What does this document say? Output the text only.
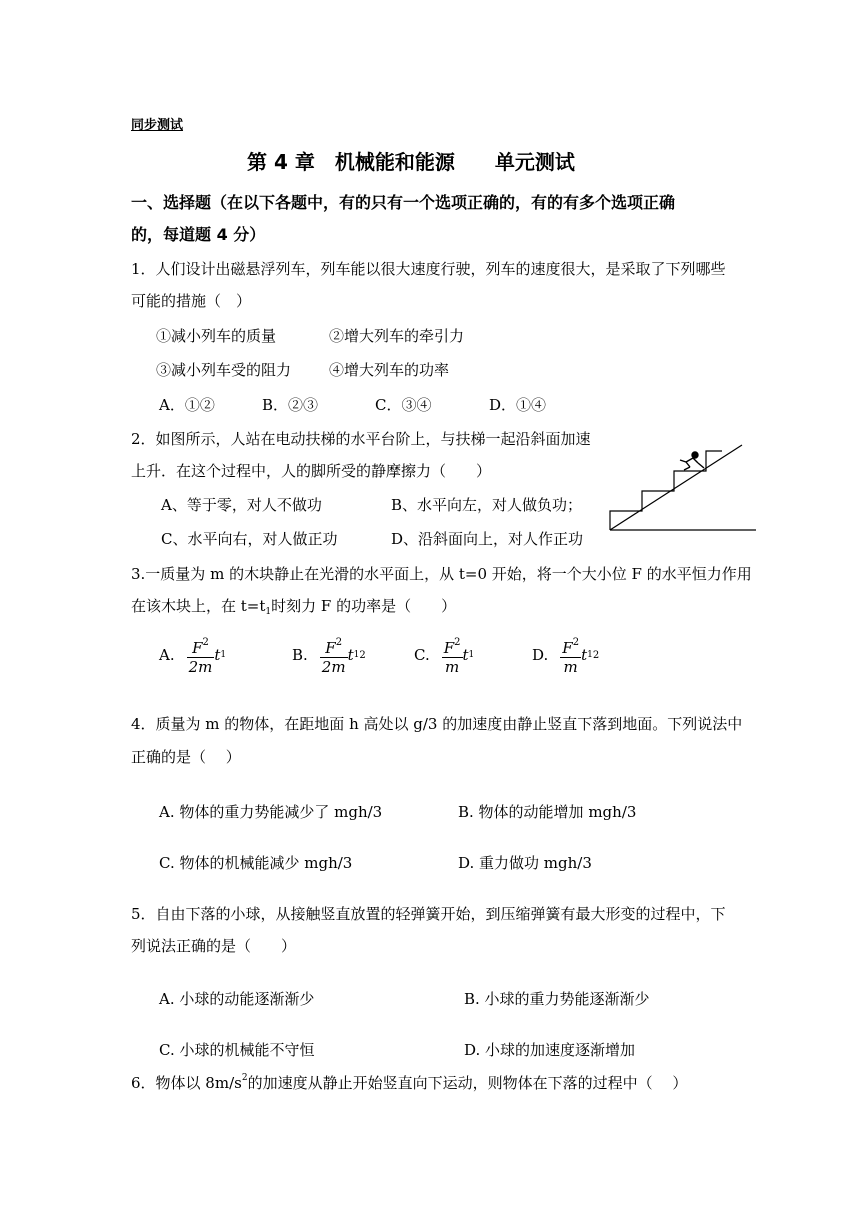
同步测试
第 4 章　机械能和能源　　单元测试
一、选择题（在以下各题中，有的只有一个选项正确的，有的有多个选项正确
的，每道题 4 分）
1．人们设计出磁悬浮列车，列车能以很大速度行驶，列车的速度很大，是采取了下列哪些
可能的措施（　）
①减小列车的质量	②增大列车的牵引力
③减小列车受的阻力	④增大列车的功率
A．①②	B．②③	C．③④	D．①④
2．如图所示，人站在电动扶梯的水平台阶上，与扶梯一起沿斜面加速
上升．在这个过程中，人的脚所受的静摩擦力（　　）
A、等于零，对人不做功	B、水平向左，对人做负功；
C、水平向右，对人做正功	D、沿斜面向上，对人作正功
3.一质量为 m 的木块静止在光滑的水平面上，从 t=0 开始，将一个大小位 F 的水平恒力作用
在该木块上，在 $t=t_1$时刻力 F 的功率是（　　）
A. $\frac{F^2}{2m}$ t 1	B. $\frac{F^2}{2m}$ t 1 2	C. $\frac{F^2}{m}$ t 1	D. $\frac{F^2}{m}$ t 1 2
4．质量为 m 的物体，在距地面 h 高处以 g/3 的加速度由静止竖直下落到地面。下列说法中
正确的是（　 ）
A. 物体的重力势能减少了 mgh/3	B. 物体的动能增加 mgh/3
C. 物体的机械能减少 mgh/3	D. 重力做功 mgh/3
5．自由下落的小球，从接触竖直放置的轻弹簧开始，到压缩弹簧有最大形变的过程中，下
列说法正确的是（　　）
A. 小球的动能逐渐渐少	B. 小球的重力势能逐渐渐少
C. 小球的机械能不守恒	D. 小球的加速度逐渐增加
6．物体以 $8m/s^2$的加速度从静止开始竖直向下运动，则物体在下落的过程中（　 ）
